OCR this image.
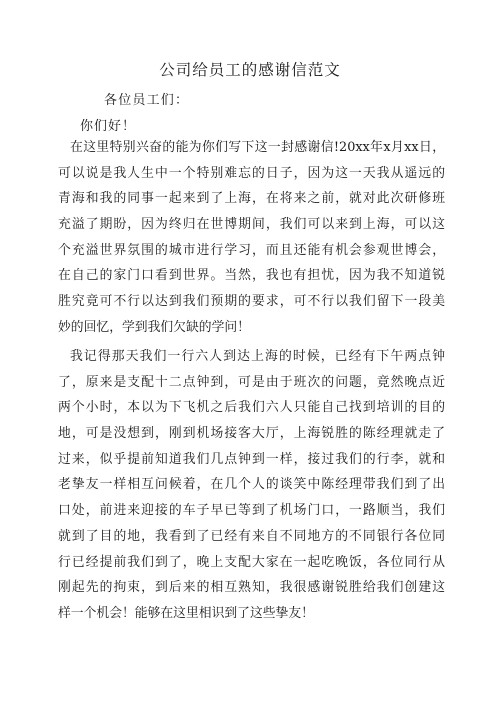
公司给员工的感谢信范文
各位员工们：
你们好！
在这里特别兴奋的能为你们写下这一封感谢信!20xx年x月xx日，
可以说是我人生中一个特别难忘的日子，因为这一天我从遥远的
青海和我的同事一起来到了上海，在将来之前，就对此次研修班
充溢了期盼，因为终归在世博期间，我们可以来到上海，可以这
个充溢世界氛围的城市进行学习，而且还能有机会参观世博会，
在自己的家门口看到世界。当然，我也有担忧，因为我不知道锐
胜究竟可不行以达到我们预期的要求，可不行以我们留下一段美
妙的回忆，学到我们欠缺的学问！
我记得那天我们一行六人到达上海的时候，已经有下午两点钟
了，原来是支配十二点钟到，可是由于班次的问题，竟然晚点近
两个小时，本以为下飞机之后我们六人只能自己找到培训的目的
地，可是没想到，刚到机场接客大厅，上海锐胜的陈经理就走了
过来，似乎提前知道我们几点钟到一样，接过我们的行李，就和
老挚友一样相互问候着，在几个人的谈笑中陈经理带我们到了出
口处，前进来迎接的车子早已等到了机场门口，一路顺当，我们
就到了目的地，我看到了已经有来自不同地方的不同银行各位同
行已经提前我们到了，晚上支配大家在一起吃晚饭，各位同行从
刚起先的拘束，到后来的相互熟知，我很感谢锐胜给我们创建这
样一个机会！能够在这里相识到了这些挚友！
